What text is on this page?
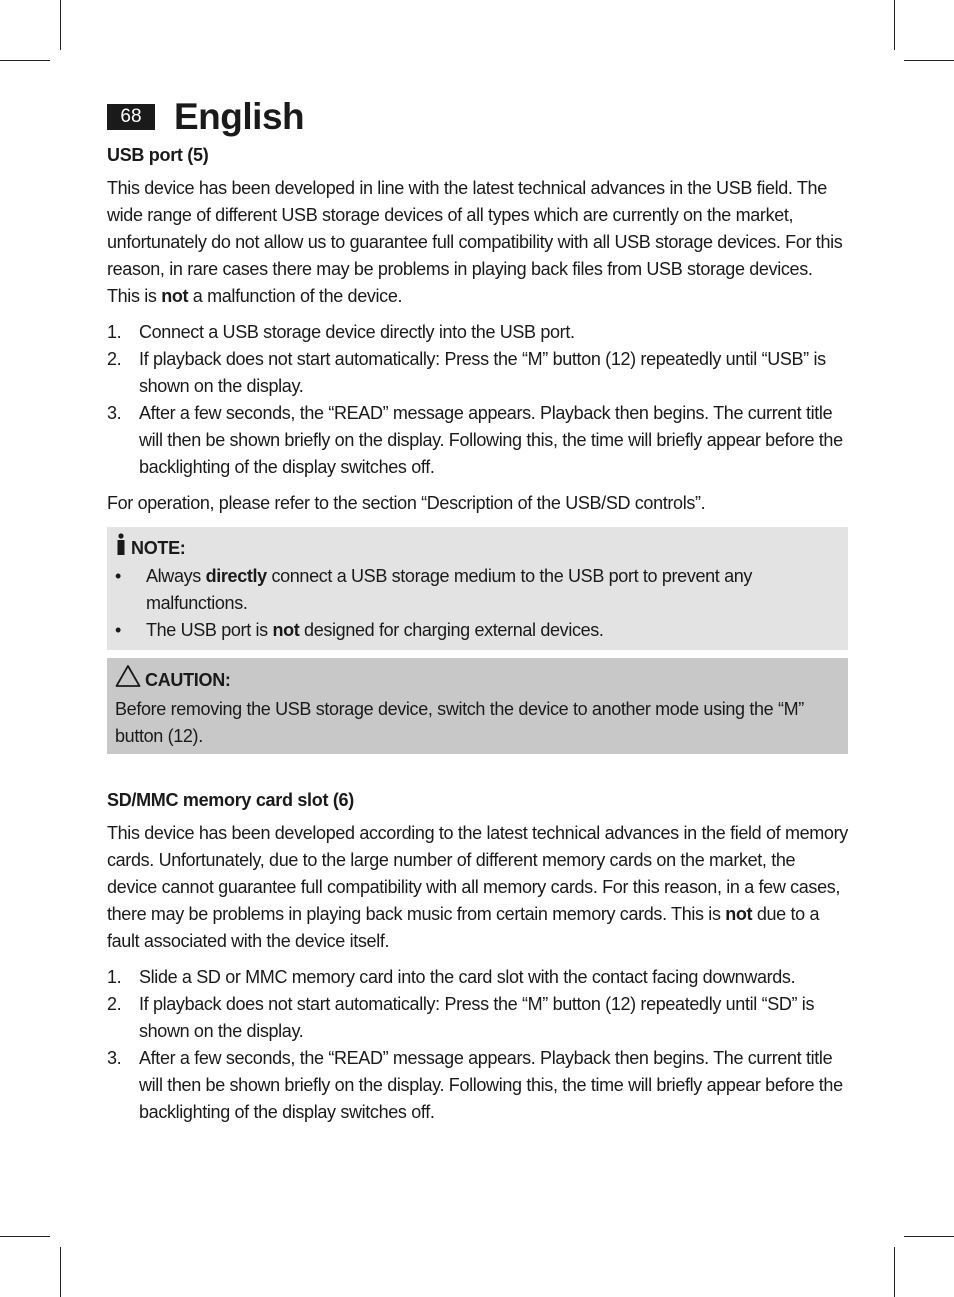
68 English
USB port (5)

This device has been developed in line with the latest technical advances in the USB field. The wide range of different USB storage devices of all types which are currently on the market, unfortunately do not allow us to guarantee full compatibility with all USB storage devices. For this reason, in rare cases there may be problems in playing back files from USB storage devices. This is not a malfunction of the device.

1. Connect a USB storage device directly into the USB port.
2. If playback does not start automatically: Press the “M” button (12) repeatedly until “USB” is shown on the display.
3. After a few seconds, the “READ” message appears. Playback then begins. The current title will then be shown briefly on the display. Following this, the time will briefly appear before the backlighting of the display switches off.

For operation, please refer to the section “Description of the USB/SD controls”.

NOTE:
• Always directly connect a USB storage medium to the USB port to prevent any malfunctions.
• The USB port is not designed for charging external devices.
CAUTION:

Before removing the USB storage device, switch the device to another mode using the “M” button (12).

SD/MMC memory card slot (6)

This device has been developed according to the latest technical advances in the field of memory cards. Unfortunately, due to the large number of different memory cards on the market, the device cannot guarantee full compatibility with all memory cards. For this reason, in a few cases, there may be problems in playing back music from certain memory cards. This is not due to a fault associated with the device itself.

1. Slide a SD or MMC memory card into the card slot with the contact facing downwards.
2. If playback does not start automatically: Press the “M” button (12) repeatedly until “SD” is shown on the display.
3. After a few seconds, the “READ” message appears. Playback then begins. The current title will then be shown briefly on the display. Following this, the time will briefly appear before the backlighting of the display switches off.
